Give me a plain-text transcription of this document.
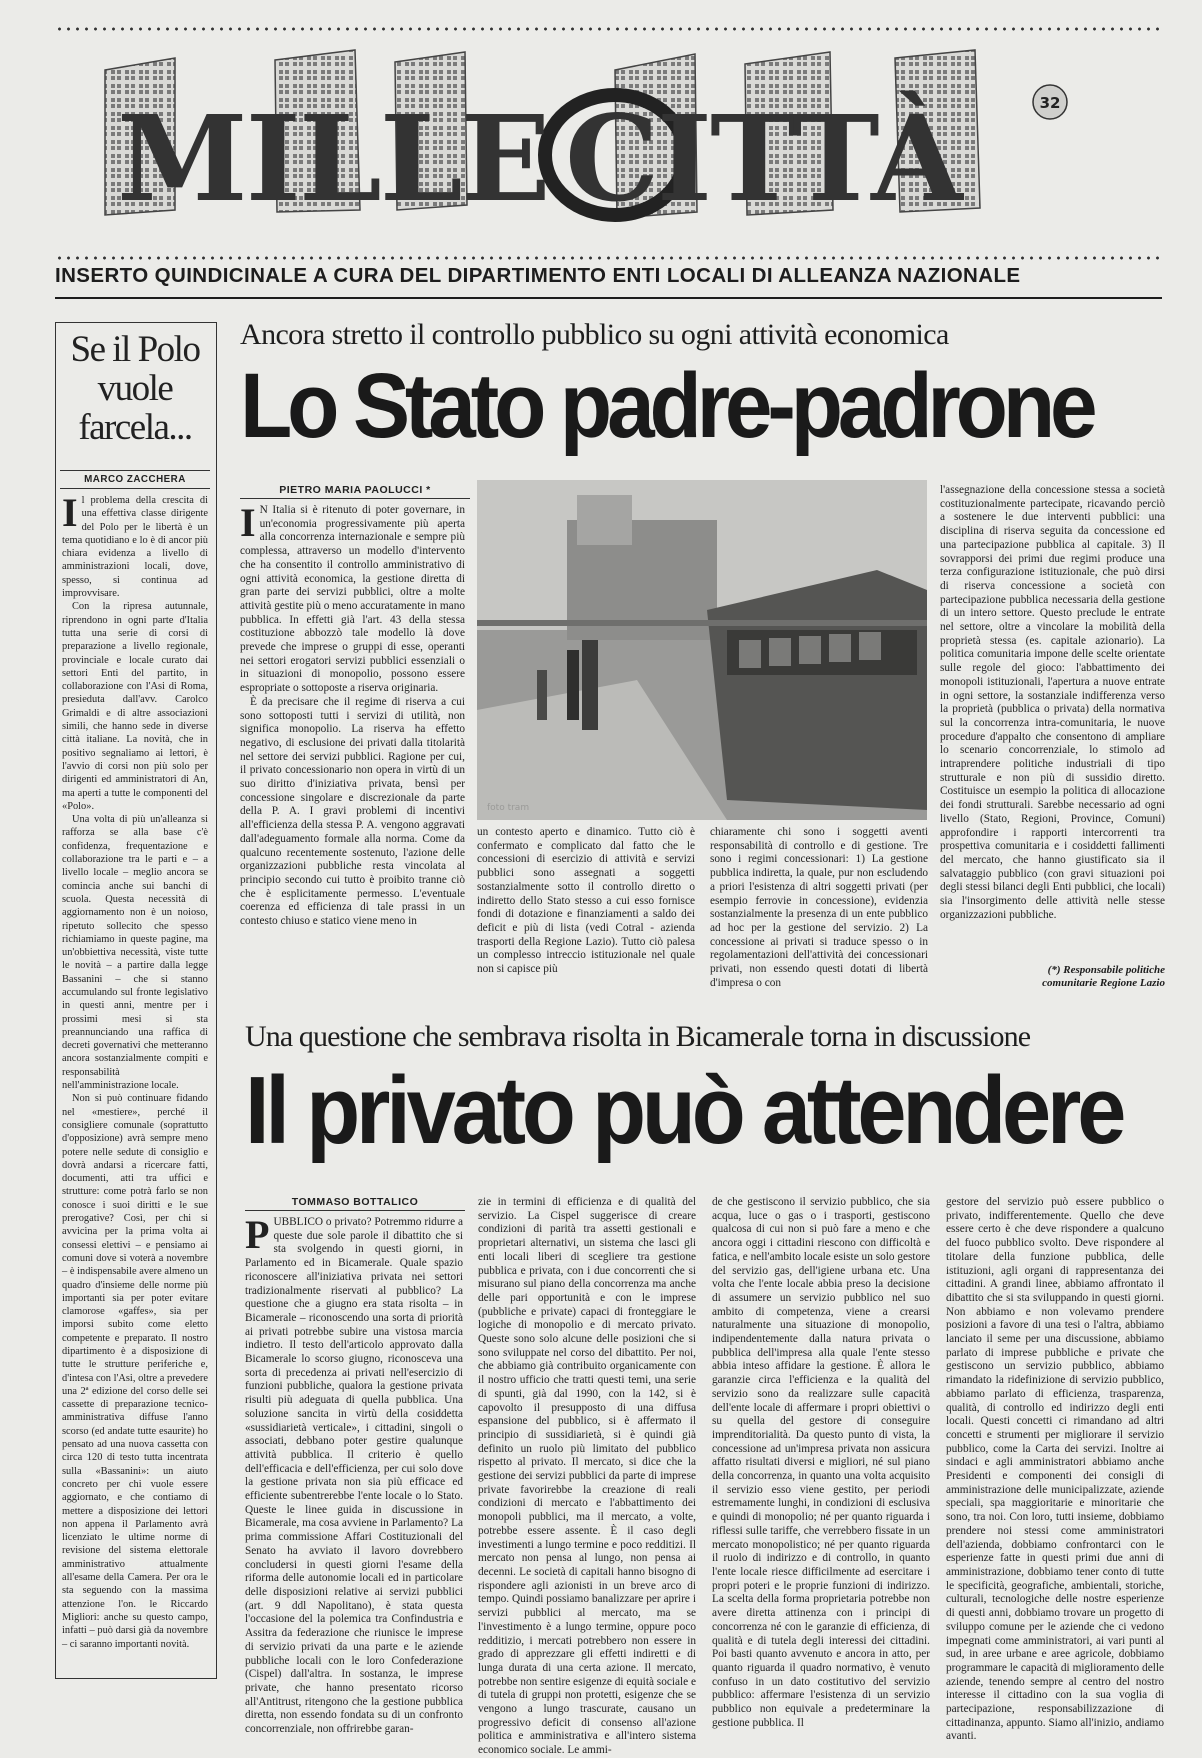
MILLE CITTÀ	32
INSERTO QUINDICINALE A CURA DEL DIPARTIMENTO ENTI LOCALI DI ALLEANZA NAZIONALE
Se il Polo vuole farcela...
MARCO ZACCHERA
I l problema della crescita di una effettiva classe dirigente del Polo per le libertà è un tema quotidiano e lo è di ancor più chiara evidenza a livello di amministrazioni locali, dove, spesso, si continua ad improvvisare.

Con la ripresa autunnale, riprendono in ogni parte d'Italia tutta una serie di corsi di preparazione a livello regionale, provinciale e locale curato dai settori Enti del partito, in collaborazione con l'Asi di Roma, presieduta dall'avv. Carolco Grimaldi e di altre associazioni simili, che hanno sede in diverse città italiane. La novità, che in positivo segnaliamo ai lettori, è l'avvio di corsi non più solo per dirigenti ed amministratori di An, ma aperti a tutte le componenti del «Polo».

Una volta di più un'alleanza si rafforza se alla base c'è confidenza, frequentazione e collaborazione tra le parti e – a livello locale – meglio ancora se comincia anche sui banchi di scuola. Questa necessità di aggiornamento non è un noioso, ripetuto sollecito che spesso richiamiamo in queste pagine, ma un'obbiettiva necessità, viste tutte le novità – a partire dalla legge Bassanini – che si stanno accumulando sul fronte legislativo in questi anni, mentre per i prossimi mesi si sta preannunciando una raffica di decreti governativi che metteranno ancora sostanzialmente compiti e responsabilità nell'amministrazione locale.

Non si può continuare fidando nel «mestiere», perché il consigliere comunale (soprattutto d'opposizione) avrà sempre meno potere nelle sedute di consiglio e dovrà andarsi a ricercare fatti, documenti, atti tra uffici e strutture: come potrà farlo se non conosce i suoi diritti e le sue prerogative? Così, per chi si avvicina per la prima volta ai consessi elettivi – e pensiamo ai comuni dove si voterà a novembre – è indispensabile avere almeno un quadro d'insieme delle norme più importanti sia per poter evitare clamorose «gaffes», sia per imporsi subito come eletto competente e preparato. Il nostro dipartimento è a disposizione di tutte le strutture periferiche e, d'intesa con l'Asi, oltre a prevedere una 2ª edizione del corso delle sei cassette di preparazione tecnico-amministrativa diffuse l'anno scorso (ed andate tutte esaurite) ho pensato ad una nuova cassetta con circa 120 di testo tutta incentrata sulla «Bassanini»: un aiuto concreto per chi vuole essere aggiornato, e che contiamo di mettere a disposizione dei lettori non appena il Parlamento avrà licenziato le ultime norme di revisione del sistema elettorale amministrativo attualmente all'esame della Camera. Per ora le sta seguendo con la massima attenzione l'on. le Riccardo Migliori: anche su questo campo, infatti – può darsi già da novembre – ci saranno importanti novità.

Ancora stretto il controllo pubblico su ogni attività economica
Lo Stato padre-padrone
PIETRO MARIA PAOLUCCI *
I N Italia si è ritenuto di poter governare, in un'economia progressivamente più aperta alla concorrenza internazionale e sempre più complessa, attraverso un modello d'intervento che ha consentito il controllo amministrativo di ogni attività economica, la gestione diretta di gran parte dei servizi pubblici, oltre a molte attività gestite più o meno accuratamente in mano pubblica. In effetti già l'art. 43 della stessa costituzione abbozzò tale modello là dove prevede che imprese o gruppi di esse, operanti nei settori erogatori servizi pubblici essenziali o in situazioni di monopolio, possono essere espropriate o sottoposte a riserva originaria.

È da precisare che il regime di riserva a cui sono sottoposti tutti i servizi di utilità, non significa monopolio. La riserva ha effetto negativo, di esclusione dei privati dalla titolarità nel settore dei servizi pubblici. Ragione per cui, il privato concessionario non opera in virtù di un suo diritto d'iniziativa privata, bensì per concessione singolare e discrezionale da parte della P. A. I gravi problemi di incentivi all'efficienza della stessa P. A. vengono aggravati dall'adeguamento formale alla norma. Come da qualcuno recentemente sostenuto, l'azione delle organizzazioni pubbliche resta vincolata al principio secondo cui tutto è proibito tranne ciò che è esplicitamente permesso. L'eventuale coerenza ed efficienza di tale prassi in un contesto chiuso e statico viene meno in

foto tram
un contesto aperto e dinamico. Tutto ciò è confermato e complicato dal fatto che le concessioni di esercizio di attività e servizi pubblici sono assegnati a soggetti sostanzialmente sotto il controllo diretto o indiretto dello Stato stesso a cui esso fornisce fondi di dotazione e finanziamenti a saldo dei deficit e più di lista (vedi Cotral - azienda trasporti della Regione Lazio). Tutto ciò palesa un complesso intreccio istituzionale nel quale non si capisce più
chiaramente chi sono i soggetti aventi responsabilità di controllo e di gestione. Tre sono i regimi concessionari: 1) La gestione pubblica indiretta, la quale, pur non escludendo a priori l'esistenza di altri soggetti privati (per esempio ferrovie in concessione), evidenzia sostanzialmente la presenza di un ente pubblico ad hoc per la gestione del servizio. 2) La concessione ai privati si traduce spesso o in regolamentazioni dell'attività dei concessionari privati, non essendo questi dotati di libertà d'impresa o con
l'assegnazione della concessione stessa a società costituzionalmente partecipate, ricavando perciò a sostenere le due interventi pubblici: una disciplina di riserva seguita da concessione ed una partecipazione pubblica al capitale. 3) Il sovrapporsi dei primi due regimi produce una terza configurazione istituzionale, che può dirsi di riserva concessione a società con partecipazione pubblica necessaria della gestione di un intero settore. Questo preclude le entrate nel settore, oltre a vincolare la mobilità della proprietà stessa (es. capitale azionario). La politica comunitaria impone delle scelte orientate sulle regole del gioco: l'abbattimento dei monopoli istituzionali, l'apertura a nuove entrate in ogni settore, la sostanziale indifferenza verso la proprietà (pubblica o privata) della normativa sul la concorrenza intra-comunitaria, le nuove procedure d'appalto che consentono di ampliare lo scenario concorrenziale, lo stimolo ad intraprendere politiche industriali di tipo strutturale e non più di sussidio diretto. Costituisce un esempio la politica di allocazione dei fondi strutturali. Sarebbe necessario ad ogni livello (Stato, Regioni, Province, Comuni) approfondire i rapporti intercorrenti tra prospettiva comunitaria e i cosiddetti fallimenti del mercato, che hanno giustificato sia il salvataggio pubblico (con gravi situazioni poi degli stessi bilanci degli Enti pubblici, che locali) sia l'insorgimento delle attività nelle stesse organizzazioni pubbliche.
(*) Responsabile politiche
comunitarie Regione Lazio
Una questione che sembrava risolta in Bicamerale torna in discussione
Il privato può attendere
TOMMASO BOTTALICO
P UBBLICO o privato? Potremmo ridurre a queste due sole parole il dibattito che si sta svolgendo in questi giorni, in Parlamento ed in Bicamerale. Quale spazio riconoscere all'iniziativa privata nei settori tradizionalmente riservati al pubblico? La questione che a giugno era stata risolta – in Bicamerale – riconoscendo una sorta di priorità ai privati potrebbe subire una vistosa marcia indietro. Il testo dell'articolo approvato dalla Bicamerale lo scorso giugno, riconosceva una sorta di precedenza ai privati nell'esercizio di funzioni pubbliche, qualora la gestione privata risulti più adeguata di quella pubblica. Una soluzione sancita in virtù della cosiddetta «sussidiarietà verticale», i cittadini, singoli o associati, debbano poter gestire qualunque attività pubblica. Il criterio è quello dell'efficacia e dell'efficienza, per cui solo dove la gestione privata non sia più efficace ed efficiente subentrerebbe l'ente locale o lo Stato. Queste le linee guida in discussione in Bicamerale, ma cosa avviene in Parlamento? La prima commissione Affari Costituzionali del Senato ha avviato il lavoro dovrebbero concludersi in questi giorni l'esame della riforma delle autonomie locali ed in particolare delle disposizioni relative ai servizi pubblici (art. 9 ddl Napolitano), è stata questa l'occasione del la polemica tra Confindustria e Assitra da federazione che riunisce le imprese di servizio privati da una parte e le aziende pubbliche locali con le loro Confederazione (Cispel) dall'altra. In sostanza, le imprese private, che hanno presentato ricorso all'Antitrust, ritengono che la gestione pubblica diretta, non essendo fondata su di un confronto concorrenziale, non offrirebbe garan-

zie in termini di efficienza e di qualità del servizio. La Cispel suggerisce di creare condizioni di parità tra assetti gestionali e proprietari alternativi, un sistema che lasci gli enti locali liberi di scegliere tra gestione pubblica e privata, con i due concorrenti che si misurano sul piano della concorrenza ma anche delle pari opportunità e con le imprese (pubbliche e private) capaci di fronteggiare le logiche di monopolio e di mercato privato. Queste sono solo alcune delle posizioni che si sono sviluppate nel corso del dibattito. Per noi, che abbiamo già contribuito organicamente con il nostro ufficio che tratti questi temi, una serie di spunti, già dal 1990, con la 142, si è capovolto il presupposto di una diffusa espansione del pubblico, si è affermato il principio di sussidiarietà, si è quindi già definito un ruolo più limitato del pubblico rispetto al privato. Il mercato, si dice che la gestione dei servizi pubblici da parte di imprese private favorirebbe la creazione di reali condizioni di mercato e l'abbattimento dei monopoli pubblici, ma il mercato, a volte, potrebbe essere assente. È il caso degli investimenti a lungo termine e poco redditizi. Il mercato non pensa al lungo, non pensa ai decenni. Le società di capitali hanno bisogno di rispondere agli azionisti in un breve arco di tempo. Quindi possiamo banalizzare per aprire i servizi pubblici al mercato, ma se l'investimento è a lungo termine, oppure poco redditizio, i mercati potrebbero non essere in grado di apprezzare gli effetti indiretti e di lunga durata di una certa azione. Il mercato, potrebbe non sentire esigenze di equità sociale e di tutela di gruppi non protetti, esigenze che se vengono a lungo trascurate, causano un progressivo deficit di consenso all'azione politica e amministrativa e all'intero sistema economico sociale. Le ammi-
de che gestiscono il servizio pubblico, che sia acqua, luce o gas o i trasporti, gestiscono qualcosa di cui non si può fare a meno e che ancora oggi i cittadini riescono con difficoltà e fatica, e nell'ambito locale esiste un solo gestore del servizio gas, dell'igiene urbana etc. Una volta che l'ente locale abbia preso la decisione di assumere un servizio pubblico nel suo ambito di competenza, viene a crearsi naturalmente una situazione di monopolio, indipendentemente dalla natura privata o pubblica dell'impresa alla quale l'ente stesso abbia inteso affidare la gestione. È allora le garanzie circa l'efficienza e la qualità del servizio sono da realizzare sulle capacità dell'ente locale di affermare i propri obiettivi o su quella del gestore di conseguire imprenditorialità. Da questo punto di vista, la concessione ad un'impresa privata non assicura affatto risultati diversi e migliori, né sul piano della concorrenza, in quanto una volta acquisito il servizio esso viene gestito, per periodi estremamente lunghi, in condizioni di esclusiva e quindi di monopolio; né per quanto riguarda i riflessi sulle tariffe, che verrebbero fissate in un mercato monopolistico; né per quanto riguarda il ruolo di indirizzo e di controllo, in quanto l'ente locale riesce difficilmente ad esercitare i propri poteri e le proprie funzioni di indirizzo. La scelta della forma proprietaria potrebbe non avere diretta attinenza con i principi di concorrenza né con le garanzie di efficienza, di qualità e di tutela degli interessi dei cittadini. Poi basti quanto avvenuto e ancora in atto, per quanto riguarda il quadro normativo, è venuto confuso in un dato costitutivo del servizio pubblico: affermare l'esistenza di un servizio pubblico non equivale a predeterminare la gestione pubblica. Il
gestore del servizio può essere pubblico o privato, indifferentemente. Quello che deve essere certo è che deve rispondere a qualcuno del fuoco pubblico svolto. Deve rispondere al titolare della funzione pubblica, delle istituzioni, agli organi di rappresentanza dei cittadini. A grandi linee, abbiamo affrontato il dibattito che si sta sviluppando in questi giorni. Non abbiamo e non volevamo prendere posizioni a favore di una tesi o l'altra, abbiamo lanciato il seme per una discussione, abbiamo parlato di imprese pubbliche e private che gestiscono un servizio pubblico, abbiamo rimandato la ridefinizione di servizio pubblico, abbiamo parlato di efficienza, trasparenza, qualità, di controllo ed indirizzo degli enti locali. Questi concetti ci rimandano ad altri concetti e strumenti per migliorare il servizio pubblico, come la Carta dei servizi. Inoltre ai sindaci e agli amministratori abbiamo anche Presidenti e componenti dei consigli di amministrazione delle municipalizzate, aziende speciali, spa maggioritarie e minoritarie che sono, tra noi. Con loro, tutti insieme, dobbiamo prendere noi stessi come amministratori dell'azienda, dobbiamo confrontarci con le esperienze fatte in questi primi due anni di amministrazione, dobbiamo tener conto di tutte le specificità, geografiche, ambientali, storiche, culturali, tecnologiche delle nostre esperienze di questi anni, dobbiamo trovare un progetto di sviluppo comune per le aziende che ci vedono impegnati come amministratori, ai vari punti al sud, in aree urbane e aree agricole, dobbiamo programmare le capacità di miglioramento delle aziende, tenendo sempre al centro del nostro interesse il cittadino con la sua voglia di partecipazione, responsabilizzazione di cittadinanza, appunto. Siamo all'inizio, andiamo avanti.
